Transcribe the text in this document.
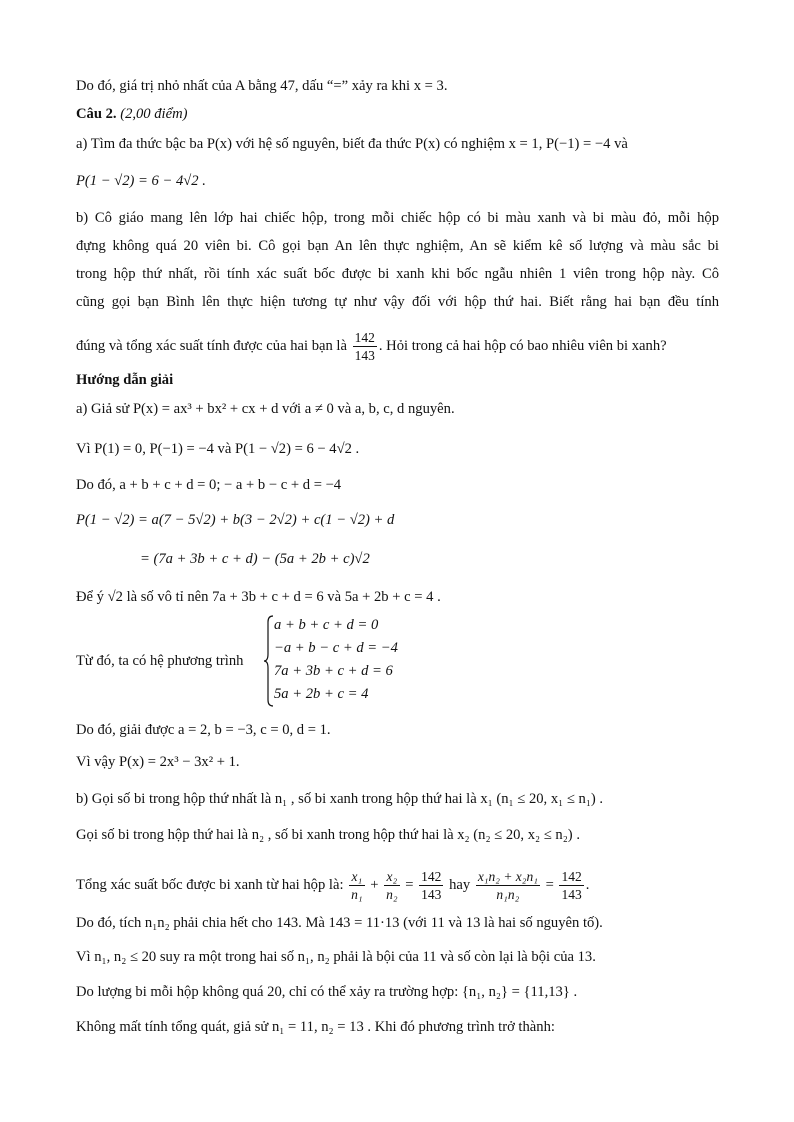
Do đó, giá trị nhỏ nhất của A bằng 47, dấu “=” xảy ra khi x = 3.
Câu 2. (2,00 điểm)
a) Tìm đa thức bậc ba P(x) với hệ số nguyên, biết đa thức P(x) có nghiệm x = 1, P(−1) = −4 và
P(1 − √2) = 6 − 4√2 .
b) Cô giáo mang lên lớp hai chiếc hộp, trong mỗi chiếc hộp có bi màu xanh và bi màu đỏ, mỗi hộp
đựng không quá 20 viên bi. Cô gọi bạn An lên thực nghiệm, An sẽ kiểm kê số lượng và màu sắc bi
trong hộp thứ nhất, rồi tính xác suất bốc được bi xanh khi bốc ngẫu nhiên 1 viên trong hộp này. Cô
cũng gọi bạn Bình lên thực hiện tương tự như vậy đối với hộp thứ hai. Biết rằng hai bạn đều tính
đúng và tổng xác suất tính được của hai bạn là $\frac{142}{143}$ . Hỏi trong cả hai hộp có bao nhiêu viên bi xanh?
Hướng dẫn giải
a) Giả sử P(x) = ax³ + bx² + cx + d với a ≠ 0 và a, b, c, d nguyên.
Vì P(1) = 0, P(−1) = −4 và P(1 − √2) = 6 − 4√2 .
Do đó, a + b + c + d = 0; − a + b − c + d = −4
P(1 − √2) = a(7 − 5√2) + b(3 − 2√2) + c(1 − √2) + d
= (7a + 3b + c + d) − (5a + 2b + c)√2
Để ý √2 là số vô tỉ nên 7a + 3b + c + d = 6 và 5a + 2b + c = 4 .
Từ đó, ta có hệ phương trình
a + b + c + d = 0
−a + b − c + d = −4
7a + 3b + c + d = 6
5a + 2b + c = 4
Do đó, giải được a = 2, b = −3, c = 0, d = 1.
Vì vậy P(x) = 2x³ − 3x² + 1.
b) Gọi số bi trong hộp thứ nhất là n₁ , số bi xanh trong hộp thứ hai là x₁ (n₁ ≤ 20, x₁ ≤ n₁) .
Gọi số bi trong hộp thứ hai là n₂ , số bi xanh trong hộp thứ hai là x₂ (n₂ ≤ 20, x₂ ≤ n₂) .
Tổng xác suất bốc được bi xanh từ hai hộp là: $\frac{\text{x₁}}{\text{n₁}} + \frac{\text{x₂}}{\text{n₂}} = \frac{142}{143}$ hay $\frac{\text{x₁n₂ + x₂n₁}}{\text{n₁n₂}} = \frac{142}{143}$ .
Do đó, tích n₁n₂ phải chia hết cho 143. Mà 143 = 11·13 (với 11 và 13 là hai số nguyên tố).
Vì n₁, n₂ ≤ 20 suy ra một trong hai số n₁, n₂ phải là bội của 11 và số còn lại là bội của 13.
Do lượng bi mỗi hộp không quá 20, chỉ có thể xảy ra trường hợp: {n₁, n₂} = {11,13} .
Không mất tính tổng quát, giả sử n₁ = 11, n₂ = 13 . Khi đó phương trình trở thành:
